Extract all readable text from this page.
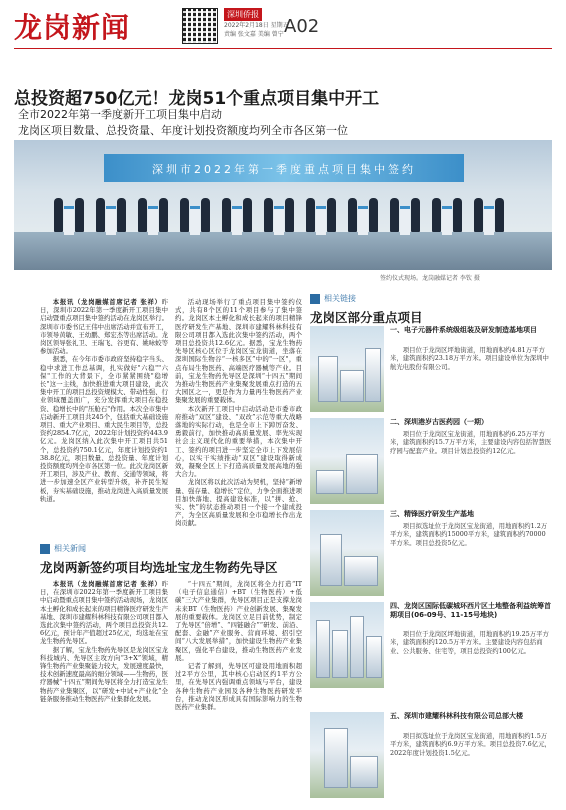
龙岗新闻	深圳侨报
2022年2月18日 星期五
责编 张文嘉 美编 曾宁 A02
总投资超750亿元！龙岗51个重点项目集中开工
全市2022年第一季度新开工项目集中启动
龙岗区项目数量、总投资量、年度计划投资额度均列全市各区第一位
深圳市2022年第一季度重点项目集中签约
签约仪式现场。龙岗融媒记者 李钦 摄
本报讯（龙岗融媒首席记者 张祥）昨日，深圳市2022年第一季度新开工项目集中启动暨重点项目集中签约活动在龙岗区举行。深圳市市委书记王伟中出席活动并宣布开工，市领导黄敏、王幼鹏、郑宏杰等出席活动。龙岗区领导张礼卫、王瑞飞、谷更有、姚咏蛟等参加活动。
据悉，在今年市委市政府坚持稳字当头、稳中求进工作总基调，扎实做好"六稳""六保"工作的大背景下，全市紧紧围绕"稳增长"这一主线，加快推进重大项目建设，此次集中开工的项目总投资规模大、带动性强、行业领域覆盖面广，充分发挥重大项目在稳投资、稳增长中的"压舱石"作用。本次全市集中启动新开工项目共245个，包括重大基础设施项目、重大产业项目、重大民生项目等，总投资约2854.7亿元，2022年计划投资约443.9亿元。龙岗区纳入此次集中开工项目共51个，总投资约750.1亿元，年度计划投资约138.8亿元，项目数量、总投资量、年度计划投资额度均列全市各区第一位。此次龙岗区新开工项目，涉及产业、教育、交通等领域，将进一步加速全区产业转型升级，补齐民生短板，夯实基础设施，推动龙岗进入高质量发展轨道。
活动现场举行了重点项目集中签约仪式，共有8个区的11个项目参与了集中签约。龙岗区本土孵化和成长起来的项目精锋医疗研发生产基地、深圳市建耀科林科技有限公司项目都入选此次集中签约活动，两个项目总投资共12.6亿元。据悉，宝龙生物药先导区核心区位于龙岗区宝龙街道，坐落在深圳国际生物谷“一核多区”中的"一区"，重点布局生物医药、高端医疗器械等产业。目前，宝龙生物药先导区是深圳“十四五”期间为推动生物医药产业集聚发展重点打造的五大园区之一，更是作为力量再生物医药产业集聚发展的重要载体。
本次新开工项目中启动活动是市委市政府推动“双区”建设、“双改”示范等重大战略落地的实际行动，也是全市上下踔厉奋发、勇毅前行，加快推动高质量发展、率先实现社会主义现代化的重要举措，本次集中开工、签约的项目进一步坚定全市上下发展信心，以实干实绩推动“双区”建设取得新成效，凝聚全区上下打造高质量发展高地的强大合力。
龙岗区将以此次活动为契机，坚持“新增量、强存量、稳增长”定位，力争全面推进项目加快落地、提高建设标准，以“拼、抢、实、快”的状态推动项目一个接一个建成投产，为全区高质量发展和全市稳增长作出龙岗贡献。
相关新闻
龙岗两新签约项目均选址宝龙生物药先导区
本报讯（龙岗融媒首席记者 张祥）昨日，在深圳市2022年第一季度新开工项目集中启动暨重点项目集中签约活动现场，龙岗区本土孵化和成长起来的项目精锋医疗研发生产基地、深圳市建耀科林科技有限公司项目都入选此次集中签约活动，两个项目总投资共12.6亿元，预计年产值超过25亿元，均选址在宝龙生物药先导区。
据了解，宝龙生物药先导区是龙岗区宝龙科技城内、先导区主攻方向“3+X”领域，精锋生物药产业集聚能力较大，发展速度最快，技术创新速度最高的细分领域——生物药，医疗器械“十四五”期间先导区将全力打造宝龙生物药产业集聚区，以“研发+中试+产业化”全链条服务推动生物医药产业集群化发展。
“十四五”期间，龙岗区将全力打造“IT（电子信息通信）+BT（生物医药）+低碳”三大产业集群，先导区项目正是支撑龙岗未来BT（生物医药）产业创新发展、集聚发展的重要载体。龙岗区立足目前优势，制定了先导区“倍增”、“四链融合”“研发、前沿、配套、金融”产业服务、营商环境、招引空间“八大发展举措”，加快建设生物药产业集聚区，强化平台建设，推动生物医药产业发展。
记者了解到，先导区可建设用地面积超过2平方公里，其中核心启动区约1平方公里，在先导区内强调重点领域与平台，建设各种生物药产业园及各种生物医药研发平台，推动龙岗区形成具有国际影响力的生物医药产业集群。
相关链接
龙岗区部分重点项目
一、电子元器件系统级组装及研发制造基地项目
项目位于龙岗区坪地街道，用地面积约4.81万平方米，建筑面积约23.18万平方米。项目建设单位为深圳中航光电股份有限公司。
二、深圳港岁古医药园（一期）
项目位于龙岗区宝龙街道，用地面积约6.25万平方米，建筑面积约15.7万平方米，主要建设内容包括智慧医疗园与配套产业。项目计划总投资约12亿元。
三、精锋医疗研发生产基地
项目拟选址位于龙岗区宝龙街道，用地面积约1.2万平方米，建筑面积约15000平方米，建筑面积约70000平方米。项目总投资5亿元。
四、龙岗区国际低碳城环西片区土地整备利益统筹首期项目(06-09号、11-15号地块)
项目位于龙岗区坪地街道，用地面积约19.25万平方米，建筑面积约120.5万平方米。主要建设内容包括商业、公共服务、住宅等，项目总投资约100亿元。
五、深圳市建耀科林科技有限公司总部大楼
项目拟选址位于龙岗区宝龙街道，用地面积约1.5万平方米，建筑面积约6.9万平方米。项目总投资7.6亿元，2022年度计划投资1.5亿元。
